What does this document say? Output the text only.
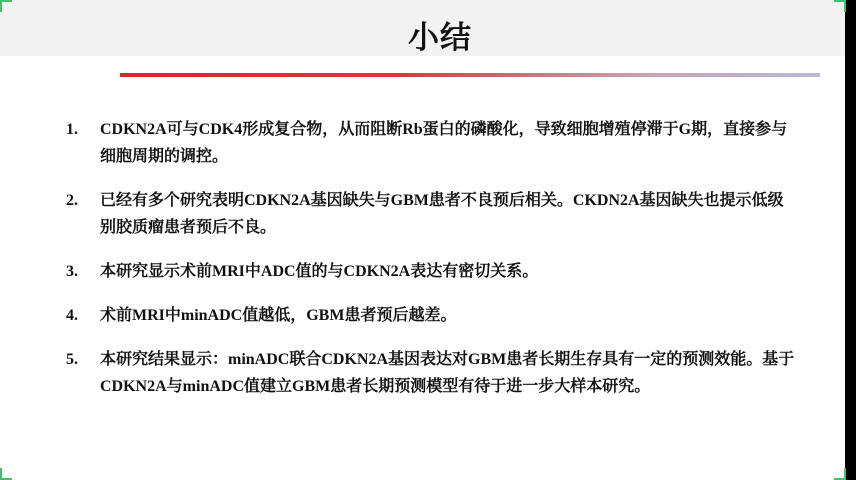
小结
1. CDKN2A可与CDK4形成复合物，从而阻断Rb蛋白的磷酸化，导致细胞增殖停滞于G期，直接参与细胞周期的调控。
2. 已经有多个研究表明CDKN2A基因缺失与GBM患者不良预后相关。CKDN2A基因缺失也提示低级别胶质瘤患者预后不良。
3. 本研究显示术前MRI中ADC值的与CDKN2A表达有密切关系。
4. 术前MRI中minADC值越低，GBM患者预后越差。
5. 本研究结果显示：minADC联合CDKN2A基因表达对GBM患者长期生存具有一定的预测效能。基于CDKN2A与minADC值建立GBM患者长期预测模型有待于进一步大样本研究。
